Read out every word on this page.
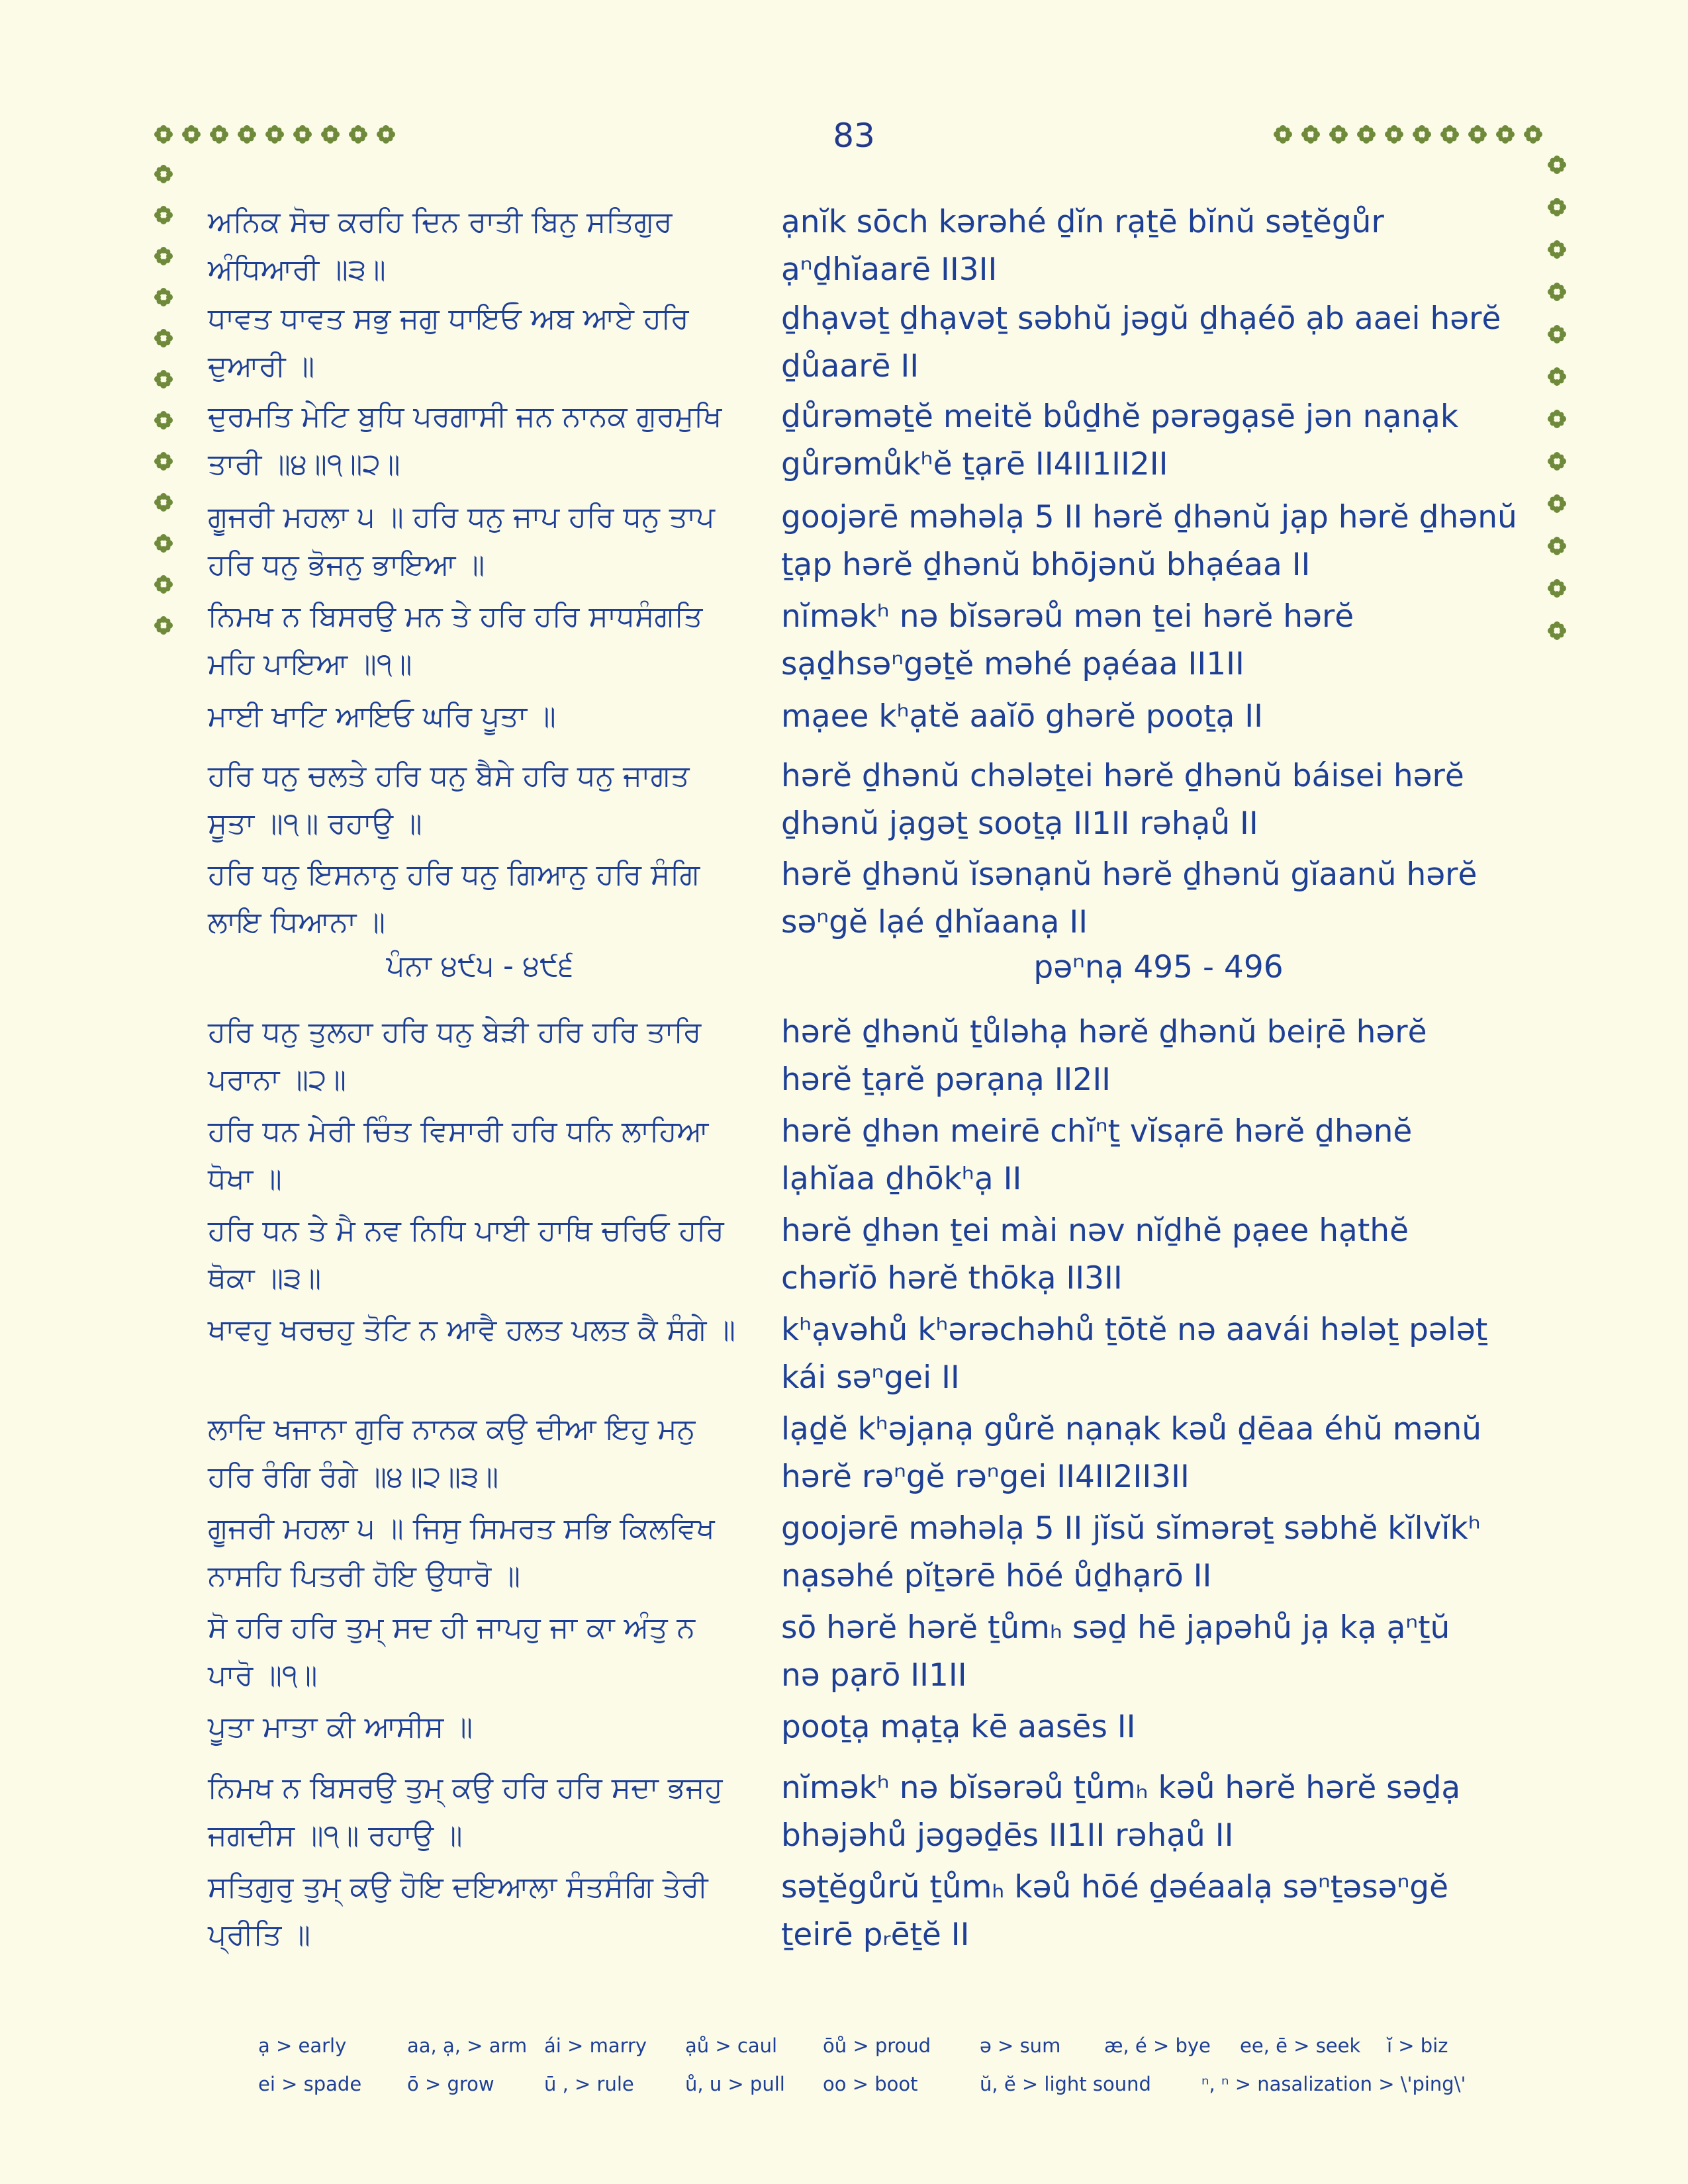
83
ਅਨਿਕ ਸੋਚ ਕਰਹਿ ਦਿਨ ਰਾਤੀ ਬਿਨੁ ਸਤਿਗੁਰ
ਅੰਧਿਆਰੀ ॥੩॥
ạnĭk sōch kərəhé ḏĭn rạṯē bĭnŭ səṯĕgůr
ạⁿḏhĭaarē II3II
ਧਾਵਤ ਧਾਵਤ ਸਭੁ ਜਗੁ ਧਾਇਓ ਅਬ ਆਏ ਹਰਿ
ਦੁਆਰੀ ॥
ḏhạvəṯ ḏhạvəṯ səbhŭ jəgŭ ḏhạéō ạb aaei hərĕ
ḏůaarē II
ਦੁਰਮਤਿ ਮੇਟਿ ਬੁਧਿ ਪਰਗਾਸੀ ਜਨ ਨਾਨਕ ਗੁਰਮੁਖਿ
ਤਾਰੀ ॥੪॥੧॥੨॥
ḏůrəməṯĕ meitĕ bůḏhĕ pərəgạsē jən nạnạk
gůrəmůkʰĕ ṯạrē II4II1II2II
ਗੂਜਰੀ ਮਹਲਾ ੫ ॥ ਹਰਿ ਧਨੁ ਜਾਪ ਹਰਿ ਧਨੁ ਤਾਪ
ਹਰਿ ਧਨੁ ਭੋਜਨੁ ਭਾਇਆ ॥
goojərē məhəlạ 5 II hərĕ ḏhənŭ jạp hərĕ ḏhənŭ
ṯạp hərĕ ḏhənŭ bhōjənŭ bhạéaa II
ਨਿਮਖ ਨ ਬਿਸਰਉ ਮਨ ਤੇ ਹਰਿ ਹਰਿ ਸਾਧਸੰਗਤਿ
ਮਹਿ ਪਾਇਆ ॥੧॥
nĭməkʰ nə bĭsərəů mən ṯei hərĕ hərĕ
sạḏhsəⁿgəṯĕ məhé pạéaa II1II
ਮਾਈ ਖਾਟਿ ਆਇਓ ਘਰਿ ਪੂਤਾ ॥	mạee kʰạtĕ aaĭō ghərĕ pooṯạ II
ਹਰਿ ਧਨੁ ਚਲਤੇ ਹਰਿ ਧਨੁ ਬੈਸੇ ਹਰਿ ਧਨੁ ਜਾਗਤ
ਸੂਤਾ ॥੧॥ ਰਹਾਉ ॥
hərĕ ḏhənŭ chələṯei hərĕ ḏhənŭ báisei hərĕ
ḏhənŭ jạgəṯ sooṯạ II1II rəhạů II
ਹਰਿ ਧਨੁ ਇਸਨਾਨੁ ਹਰਿ ਧਨੁ ਗਿਆਨੁ ਹਰਿ ਸੰਗਿ
ਲਾਇ ਧਿਆਨਾ ॥
hərĕ ḏhənŭ ĭsənạnŭ hərĕ ḏhənŭ gĭaanŭ hərĕ
səⁿgĕ lạé ḏhĭaanạ II
ਪੰਨਾ ੪੯੫ - ੪੯੬	pəⁿnạ 495 - 496
ਹਰਿ ਧਨੁ ਤੁਲਹਾ ਹਰਿ ਧਨੁ ਬੇੜੀ ਹਰਿ ਹਰਿ ਤਾਰਿ
ਪਰਾਨਾ ॥੨॥
hərĕ ḏhənŭ ṯůləhạ hərĕ ḏhənŭ beiṛē hərĕ
hərĕ ṯạrĕ pərạnạ II2II
ਹਰਿ ਧਨ ਮੇਰੀ ਚਿੰਤ ਵਿਸਾਰੀ ਹਰਿ ਧਨਿ ਲਾਹਿਆ
ਧੋਖਾ ॥
hərĕ ḏhən meirē chĭⁿṯ vĭsạrē hərĕ ḏhənĕ
lạhĭaa ḏhōkʰạ II
ਹਰਿ ਧਨ ਤੇ ਮੈ ਨਵ ਨਿਧਿ ਪਾਈ ਹਾਥਿ ਚਰਿਓ ਹਰਿ
ਥੋਕਾ ॥੩॥
hərĕ ḏhən ṯei mài nəv nĭḏhĕ pạee hạthĕ
chərĭō hərĕ thōkạ II3II
ਖਾਵਹੁ ਖਰਚਹੁ ਤੋਟਿ ਨ ਆਵੈ ਹਲਤ ਪਲਤ ਕੈ ਸੰਗੇ ॥ kʰạvəhů kʰərəchəhů ṯōtĕ nə aavái hələṯ pələṯ
kái səⁿgei II
ਲਾਦਿ ਖਜਾਨਾ ਗੁਰਿ ਨਾਨਕ ਕਉ ਦੀਆ ਇਹੁ ਮਨੁ
ਹਰਿ ਰੰਗਿ ਰੰਗੇ ॥੪॥੨॥੩॥
lạḏĕ kʰəjạnạ gůrĕ nạnạk kəů ḏēaa éhŭ mənŭ
hərĕ rəⁿgĕ rəⁿgei II4II2II3II
ਗੂਜਰੀ ਮਹਲਾ ੫ ॥ ਜਿਸੁ ਸਿਮਰਤ ਸਭਿ ਕਿਲਵਿਖ
ਨਾਸਹਿ ਪਿਤਰੀ ਹੋਇ ਉਧਾਰੋ ॥
goojərē məhəlạ 5 II jĭsŭ sĭmərəṯ səbhĕ kĭlvĭkʰ
nạsəhé pĭṯərē hōé ůḏhạrō II
ਸੋ ਹਰਿ ਹਰਿ ਤੁਮ੍ ਸਦ ਹੀ ਜਾਪਹੁ ਜਾ ਕਾ ਅੰਤੁ ਨ
ਪਾਰੋ ॥੧॥
sō hərĕ hərĕ ṯůmₕ səḏ hē jạpəhů jạ kạ ạⁿṯŭ
nə pạrō II1II
ਪੂਤਾ ਮਾਤਾ ਕੀ ਆਸੀਸ ॥	pooṯạ mạṯạ kē aasēs II
ਨਿਮਖ ਨ ਬਿਸਰਉ ਤੁਮ੍ ਕਉ ਹਰਿ ਹਰਿ ਸਦਾ ਭਜਹੁ
ਜਗਦੀਸ ॥੧॥ ਰਹਾਉ ॥
nĭməkʰ nə bĭsərəů ṯůmₕ kəů hərĕ hərĕ səḏạ
bhəjəhů jəgəḏēs II1II rəhạů II
ਸਤਿਗੁਰੁ ਤੁਮ੍ ਕਉ ਹੋਇ ਦਇਆਲਾ ਸੰਤਸੰਗਿ ਤੇਰੀ
ਪ੍ਰੀਤਿ ॥
səṯĕgůrŭ ṯůmₕ kəů hōé ḏəéaalạ səⁿṯəsəⁿgĕ
ṯeirē pᵣēṯĕ II
ạ > early	aa, ạ, > arm ái > marry ạů > caul ōů > proud	ə > sum æ, é > bye ee, ē > seek ĭ > biz
ei > spade ō > grow	ū , > rule	ů, u > pull oo > boot	ŭ, ĕ > light sound	ⁿ, ⁿ > nasalization > \'ping\'
